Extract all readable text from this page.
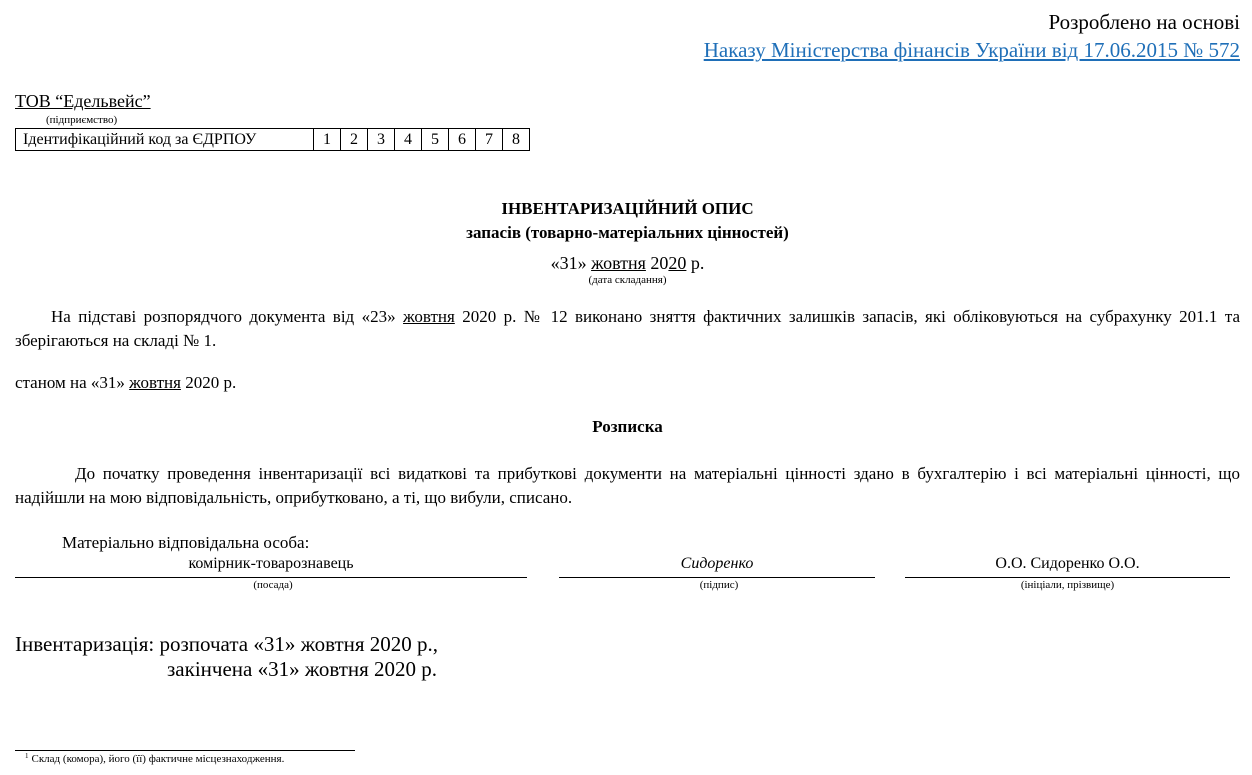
Розроблено на основі
Наказу Міністерства фінансів України від 17.06.2015 № 572
ТОВ “Едельвейс”
(підприємство)
Ідентифікаційний код за ЄДРПОУ	1	2	3	4	5	6	7	8
ІНВЕНТАРИЗАЦІЙНИЙ ОПИС
запасів (товарно-матеріальних цінностей)
«31» жовтня 2020 р.
(дата складання)
На підставі розпорядчого документа від «23» жовтня 2020 р. № 12 виконано зняття фактичних залишків запасів, які обліковуються на субрахунку 201.1 та зберігаються на складі № 1.
станом на «31» жовтня 2020 р.
Розписка
До початку проведення інвентаризації всі видаткові та прибуткові документи на матеріальні цінності здано в бухгалтерію і всі матеріальні цінності, що надійшли на мою відповідальність, оприбутковано, а ті, що вибули, списано.
Матеріально відповідальна особа:
комірник-товарознавець
(посада)
Сидоренко
(підпис)
О.О. Сидоренко О.О.
(ініціали, прізвище)
Інвентаризація: розпочата «31» жовтня 2020 р.,
закінчена «31» жовтня 2020 р.
$^1$ Склад (комора), його (її) фактичне місцезнаходження.
